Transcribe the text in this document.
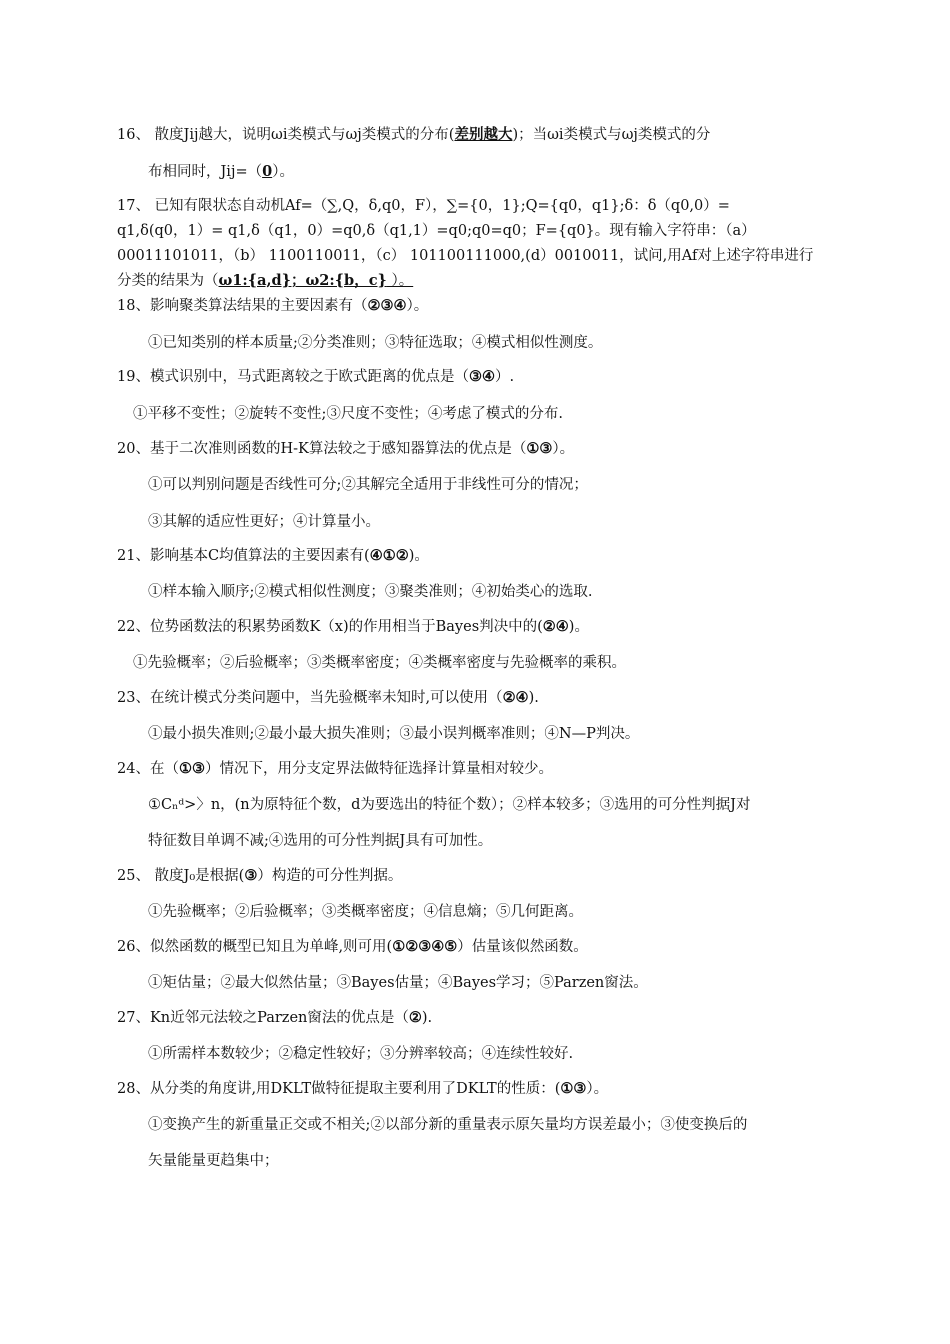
16、 散度Jij越大，说明ωi类模式与ωj类模式的分布(差别越大)；当ωi类模式与ωj类模式的分
布相同时，Jij=（0）。
17、 已知有限状态自动机Af=（∑,Q，δ,q0，F），∑={0，1};Q={q0，q1};δ：δ（q0,0）=
q1,δ(q0，1）= q1,δ（q1，0）=q0,δ（q1,1）=q0;q0=q0；F={q0}。现有输入字符串：（a）
00011101011，（b） 1100110011，（c） 101100111000,(d）0010011，试问,用Af对上述字符串进行
分类的结果为（ω1:{a,d}；ω2:{b，c} ）。
18、影响聚类算法结果的主要因素有（②③④）。
①已知类别的样本质量;②分类准则；③特征选取；④模式相似性测度。
19、模式识别中，马式距离较之于欧式距离的优点是（③④）.
①平移不变性；②旋转不变性;③尺度不变性；④考虑了模式的分布.
20、基于二次准则函数的H-K算法较之于感知器算法的优点是（①③）。
①可以判别问题是否线性可分;②其解完全适用于非线性可分的情况；
③其解的适应性更好；④计算量小。
21、影响基本C均值算法的主要因素有(④①②)。
①样本输入顺序;②模式相似性测度；③聚类准则；④初始类心的选取.
22、位势函数法的积累势函数K（x)的作用相当于Bayes判决中的(②④)。
①先验概率；②后验概率；③类概率密度；④类概率密度与先验概率的乘积。
23、在统计模式分类问题中，当先验概率未知时,可以使用（②④).
①最小损失准则;②最小最大损失准则；③最小误判概率准则；④N—P判决。
24、在（①③）情况下，用分支定界法做特征选择计算量相对较少。
①Cₙᵈ>〉n，(n为原特征个数，d为要选出的特征个数）；②样本较多；③选用的可分性判据J对
特征数目单调不减;④选用的可分性判据J具有可加性。
25、 散度J₀是根据(③）构造的可分性判据。
①先验概率；②后验概率；③类概率密度；④信息熵；⑤几何距离。
26、似然函数的概型已知且为单峰,则可用(①②③④⑤）估量该似然函数。
①矩估量；②最大似然估量；③Bayes估量；④Bayes学习；⑤Parzen窗法。
27、Kn近邻元法较之Parzen窗法的优点是（②).
①所需样本数较少；②稳定性较好；③分辨率较高；④连续性较好.
28、从分类的角度讲,用DKLT做特征提取主要利用了DKLT的性质：(①③）。
①变换产生的新重量正交或不相关;②以部分新的重量表示原矢量均方误差最小；③使变换后的
矢量能量更趋集中；
